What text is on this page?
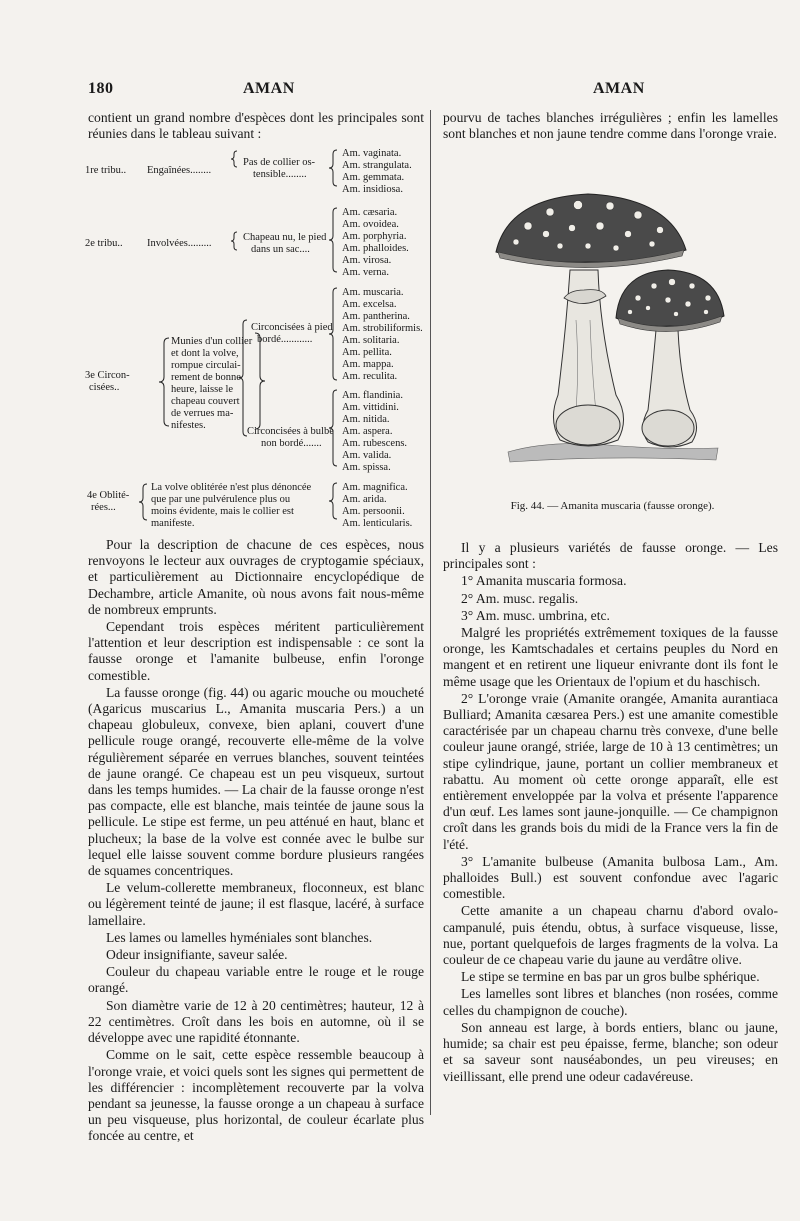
180	AMAN	AMAN

contient un grand nombre d'espèces dont les principales sont réunies dans le tableau suivant :

1re tribu.. Engaînées........
Pas de collier os-
tensible........
Am. vaginata.
Am. strangulata.
Am. gemmata.
Am. insidiosa.
2e tribu.. Involvées.........
Chapeau nu, le pied
dans un sac....
Am. cæsaria.
Am. ovoidea.
Am. porphyria.
Am. phalloides.
Am. virosa.
Am. verna.
3e Circon-
cisées..
Munies d'un collier
et dont la volve,
rompue circulai-
rement de bonne
heure, laisse le
chapeau couvert
de verrues ma-
nifestes.
Circoncisées à pied
bordé............
Am. muscaria.
Am. excelsa.
Am. pantherina.
Am. strobiliformis.
Am. solitaria.
Am. pellita.
Am. mappa.
Am. reculita.
Circoncisées à bulbe
non bordé.......
Am. flandinia.
Am. vittidini.
Am. nitida.
Am. aspera.
Am. rubescens.
Am. valida.
Am. spissa.
4e Oblité-
rées...
La volve oblitérée n'est plus dénoncée
que par une pulvérulence plus ou
moins évidente, mais le collier est
manifeste.
Am. magnifica.
Am. arida.
Am. persoonii.
Am. lenticularis.

Pour la description de chacune de ces espèces, nous renvoyons le lecteur aux ouvrages de cryptogamie spéciaux, et particulièrement au Dictionnaire encyclopédique de Dechambre, article Amanite, où nous avons fait nous-même de nombreux emprunts.

Cependant trois espèces méritent particulièrement l'attention et leur description est indispensable : ce sont la fausse oronge et l'amanite bulbeuse, enfin l'oronge comestible.

La fausse oronge (fig. 44) ou agaric mouche ou moucheté (Agaricus muscarius L., Amanita muscaria Pers.) a un chapeau globuleux, convexe, bien aplani, couvert d'une pellicule rouge orangé, recouverte elle-même de la volve régulièrement séparée en verrues blanches, souvent teintées de jaune orangé. Ce chapeau est un peu visqueux, surtout dans les temps humides. — La chair de la fausse oronge n'est pas compacte, elle est blanche, mais teintée de jaune sous la pellicule. Le stipe est ferme, un peu atténué en haut, blanc et plucheux; la base de la volve est connée avec le bulbe sur lequel elle laisse souvent comme bordure plusieurs rangées de squames concentriques.

Le velum-collerette membraneux, floconneux, est blanc ou légèrement teinté de jaune; il est flasque, lacéré, à surface lamellaire.

Les lames ou lamelles hyméniales sont blanches.

Odeur insignifiante, saveur salée.

Couleur du chapeau variable entre le rouge et le rouge orangé.

Son diamètre varie de 12 à 20 centimètres; hauteur, 12 à 22 centimètres. Croît dans les bois en automne, où il se développe avec une rapidité étonnante.

Comme on le sait, cette espèce ressemble beaucoup à l'oronge vraie, et voici quels sont les signes qui permettent de les différencier : incomplètement recouverte par la volva pendant sa jeunesse, la fausse oronge a un chapeau à surface un peu visqueuse, plus horizontal, de couleur écarlate plus foncée au centre, et

pourvu de taches blanches irrégulières ; enfin les lamelles sont blanches et non jaune tendre comme dans l'oronge vraie.

Fig. 44. — Amanita muscaria (fausse oronge).

Il y a plusieurs variétés de fausse oronge. — Les principales sont :

1° Amanita muscaria formosa.

2° Am. musc. regalis.

3° Am. musc. umbrina, etc.

Malgré les propriétés extrêmement toxiques de la fausse oronge, les Kamtschadales et certains peuples du Nord en mangent et en retirent une liqueur enivrante dont ils font le même usage que les Orientaux de l'opium et du haschisch.

2° L'oronge vraie (Amanite orangée, Amanita aurantiaca Bulliard; Amanita cæsarea Pers.) est une amanite comestible caractérisée par un chapeau charnu très convexe, d'une belle couleur jaune orangé, striée, large de 10 à 13 centimètres; un stipe cylindrique, jaune, portant un collier membraneux et rabattu. Au moment où cette oronge apparaît, elle est entièrement enveloppée par la volva et présente l'apparence d'un œuf. Les lames sont jaune-jonquille. — Ce champignon croît dans les grands bois du midi de la France vers la fin de l'été.

3° L'amanite bulbeuse (Amanita bulbosa Lam., Am. phalloides Bull.) est souvent confondue avec l'agaric comestible.

Cette amanite a un chapeau charnu d'abord ovalo-campanulé, puis étendu, obtus, à surface visqueuse, lisse, nue, portant quelquefois de larges fragments de la volva. La couleur de ce chapeau varie du jaune au verdâtre olive.

Le stipe se termine en bas par un gros bulbe sphérique.

Les lamelles sont libres et blanches (non rosées, comme celles du champignon de couche).

Son anneau est large, à bords entiers, blanc ou jaune, humide; sa chair est peu épaisse, ferme, blanche; son odeur et sa saveur sont nauséabondes, un peu vireuses; en vieillissant, elle prend une odeur cadavéreuse.
